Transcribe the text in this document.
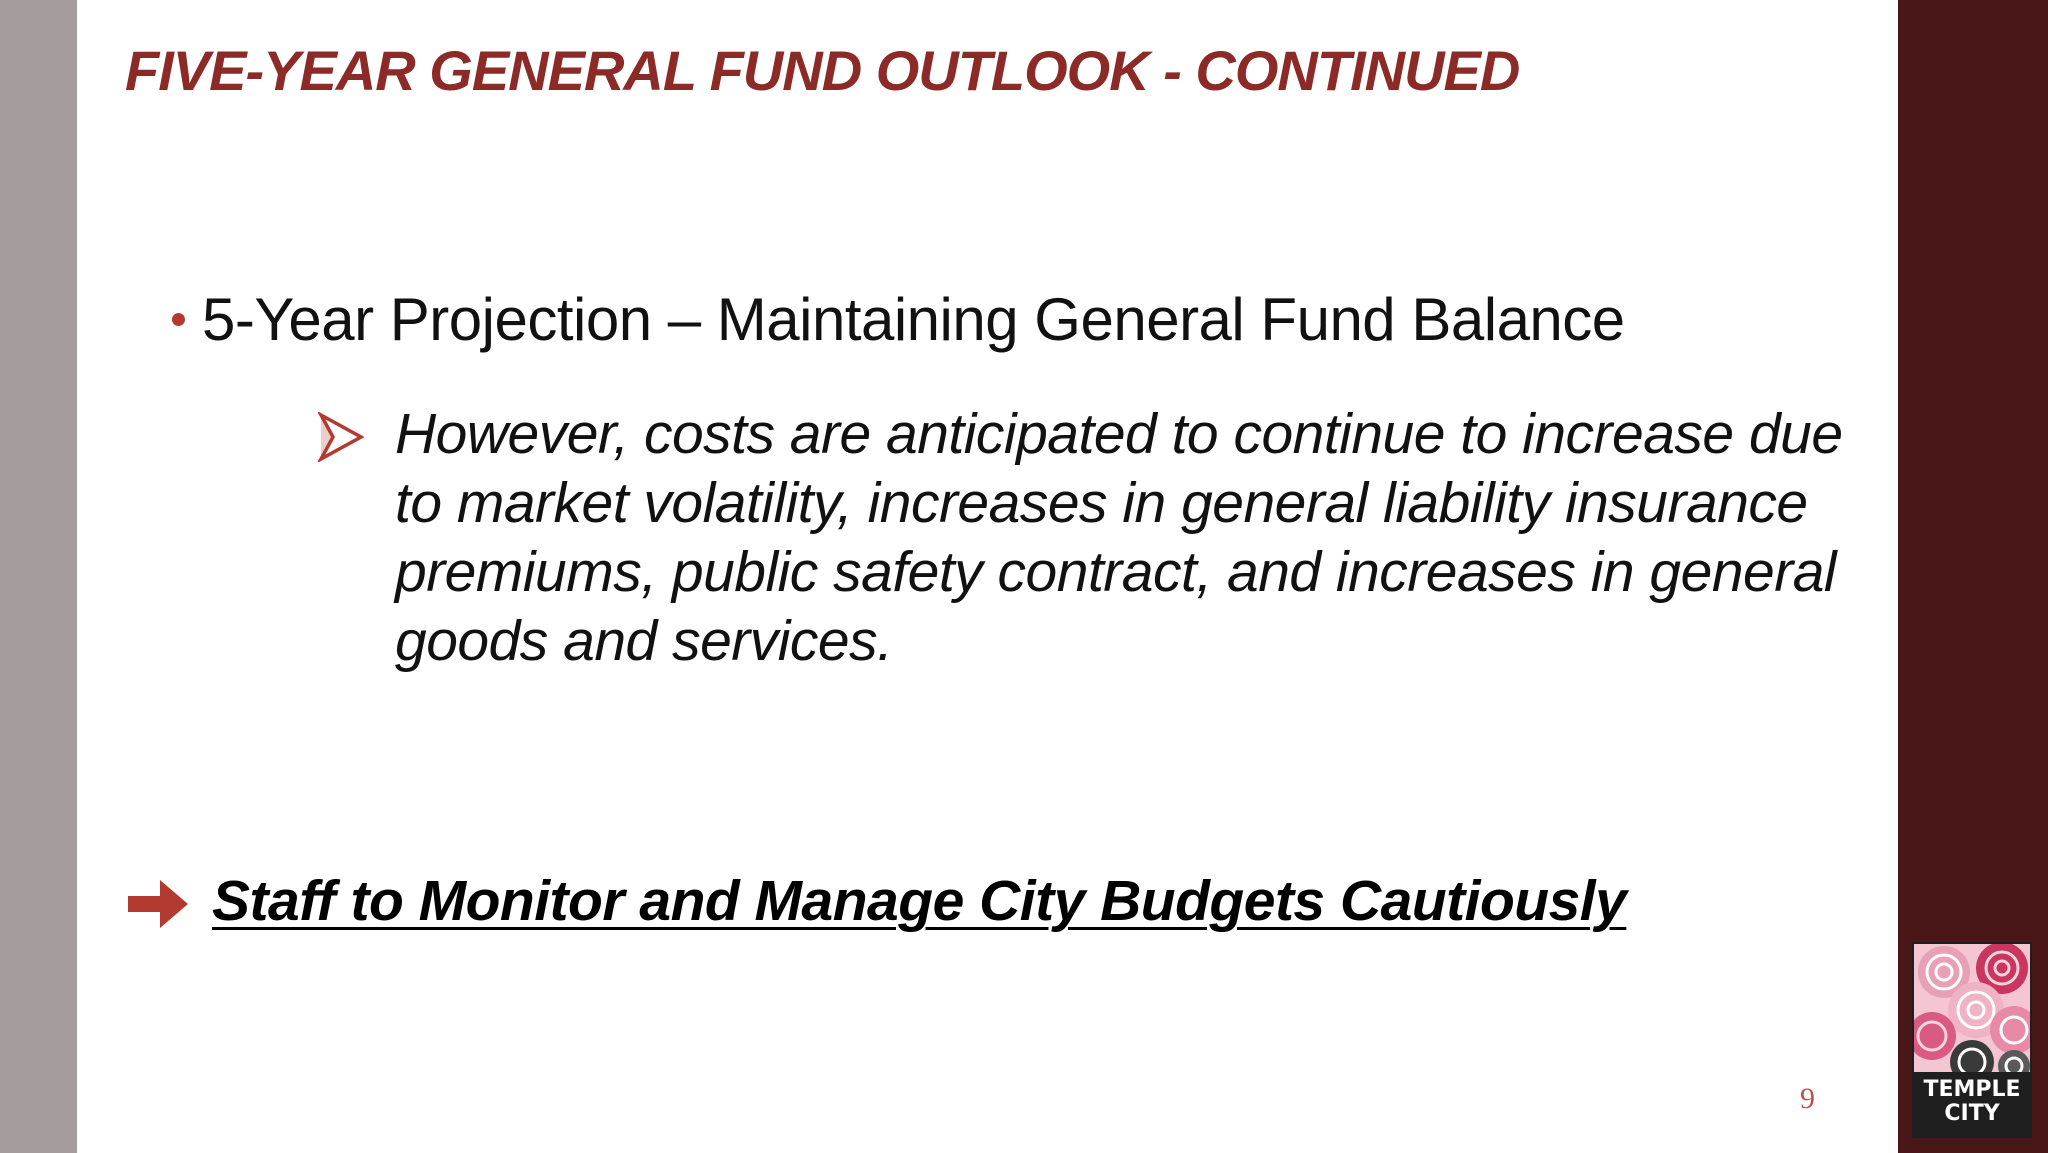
FIVE-YEAR GENERAL FUND OUTLOOK - CONTINUED
5-Year Projection – Maintaining General Fund Balance

However, costs are anticipated to continue to increase due to market volatility, increases in general liability insurance premiums, public safety contract, and increases in general goods and services.

Staff to Monitor and Manage City Budgets Cautiously

9	TEMPLE
CITY
